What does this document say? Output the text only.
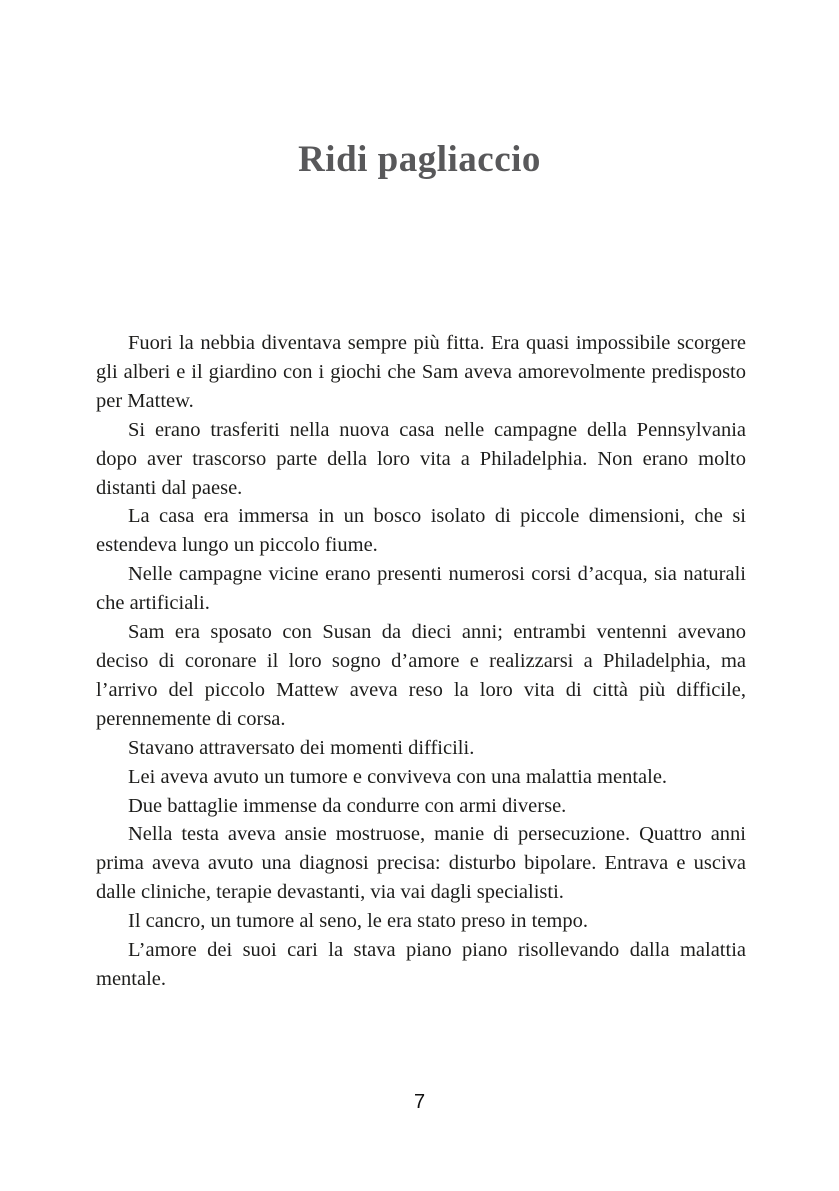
Ridi pagliaccio

Fuori la nebbia diventava sempre più fitta. Era quasi impossibile scorgere gli alberi e il giardino con i giochi che Sam aveva amorevolmente predisposto per Mattew.

Si erano trasferiti nella nuova casa nelle campagne della Pennsylvania dopo aver trascorso parte della loro vita a Philadelphia. Non erano molto distanti dal paese.

La casa era immersa in un bosco isolato di piccole dimensioni, che si estendeva lungo un piccolo fiume.

Nelle campagne vicine erano presenti numerosi corsi d’acqua, sia naturali che artificiali.

Sam era sposato con Susan da dieci anni; entrambi ventenni avevano deciso di coronare il loro sogno d’amore e realizzarsi a Philadelphia, ma l’arrivo del piccolo Mattew aveva reso la loro vita di città più difficile, perennemente di corsa.

Stavano attraversato dei momenti difficili.

Lei aveva avuto un tumore e conviveva con una malattia mentale.

Due battaglie immense da condurre con armi diverse.

Nella testa aveva ansie mostruose, manie di persecuzione. Quattro anni prima aveva avuto una diagnosi precisa: disturbo bipolare. Entrava e usciva dalle cliniche, terapie devastanti, via vai dagli specialisti.

Il cancro, un tumore al seno, le era stato preso in tempo.

L’amore dei suoi cari la stava piano piano risollevando dalla malattia mentale.

7
